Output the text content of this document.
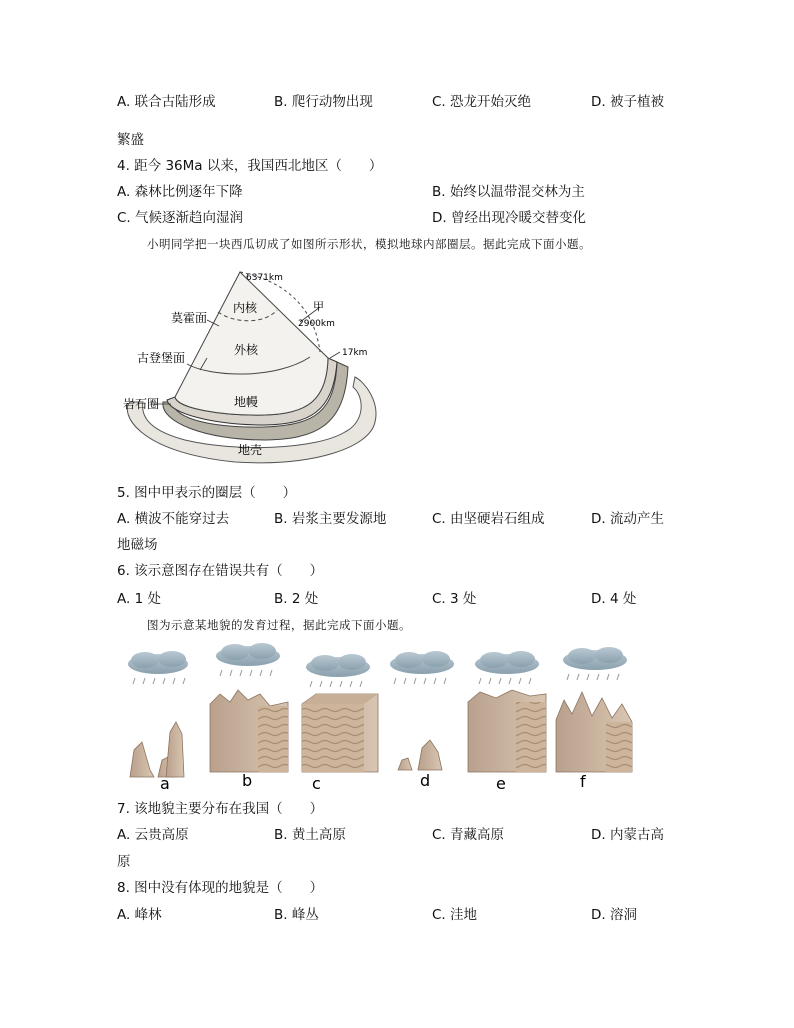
A. 联合古陆形成	B. 爬行动物出现	C. 恐龙开始灭绝	D. 被子植被
繁盛
4. 距今 36Ma 以来，我国西北地区（　　）
A. 森林比例逐年下降	B. 始终以温带混交林为主
C. 气候逐渐趋向湿润	D. 曾经出现冷暖交替变化
小明同学把一块西瓜切成了如图所示形状，模拟地球内部圈层。据此完成下面小题。
6371km
内核
外核
地幔
地壳
莫霍面
古登堡面
岩石圈
甲
2900km
17km
5. 图中甲表示的圈层（　　）
A. 横波不能穿过去	B. 岩浆主要发源地	C. 由坚硬岩石组成	D. 流动产生
地磁场
6. 该示意图存在错误共有（　　）
A. 1 处	B. 2 处	C. 3 处	D. 4 处
图为示意某地貌的发育过程，据此完成下面小题。
a	b	c	d	e	f
7. 该地貌主要分布在我国（　　）
A. 云贵高原	B. 黄土高原	C. 青藏高原	D. 内蒙古高
原
8. 图中没有体现的地貌是（　　）
A. 峰林	B. 峰丛	C. 洼地	D. 溶洞
